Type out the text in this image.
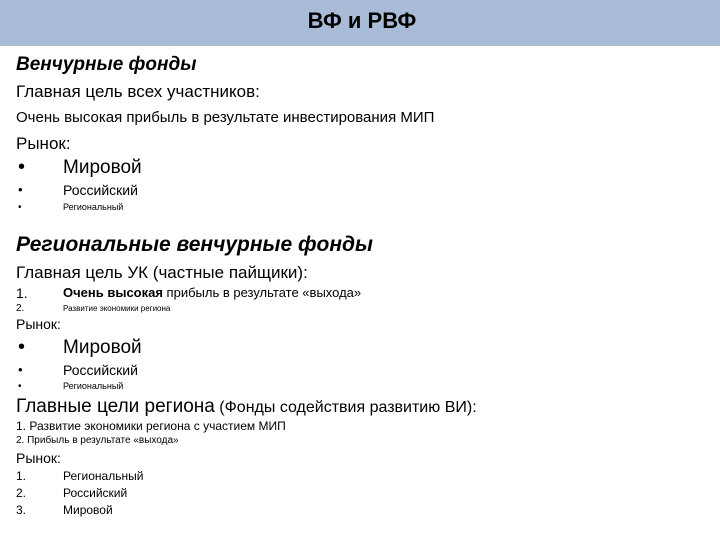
ВФ и РВФ
Венчурные фонды
Главная цель всех участников:
Очень высокая прибыль в результате инвестирования МИП
Рынок:
• Мировой
•	Российский
•	Региональный
Региональные венчурные фонды
Главная цель УК (частные пайщики):
1.	Очень высокая прибыль в результате «выхода»
2.	Развитие экономики региона
Рынок:
• Мировой
•	Российский
•	Региональный
Главные цели региона (Фонды содействия развитию ВИ):
1. Развитие экономики региона с участием МИП
2. Прибыль в результате «выхода»
Рынок:
1.	Региональный
2.	Российский
3.	Мировой
